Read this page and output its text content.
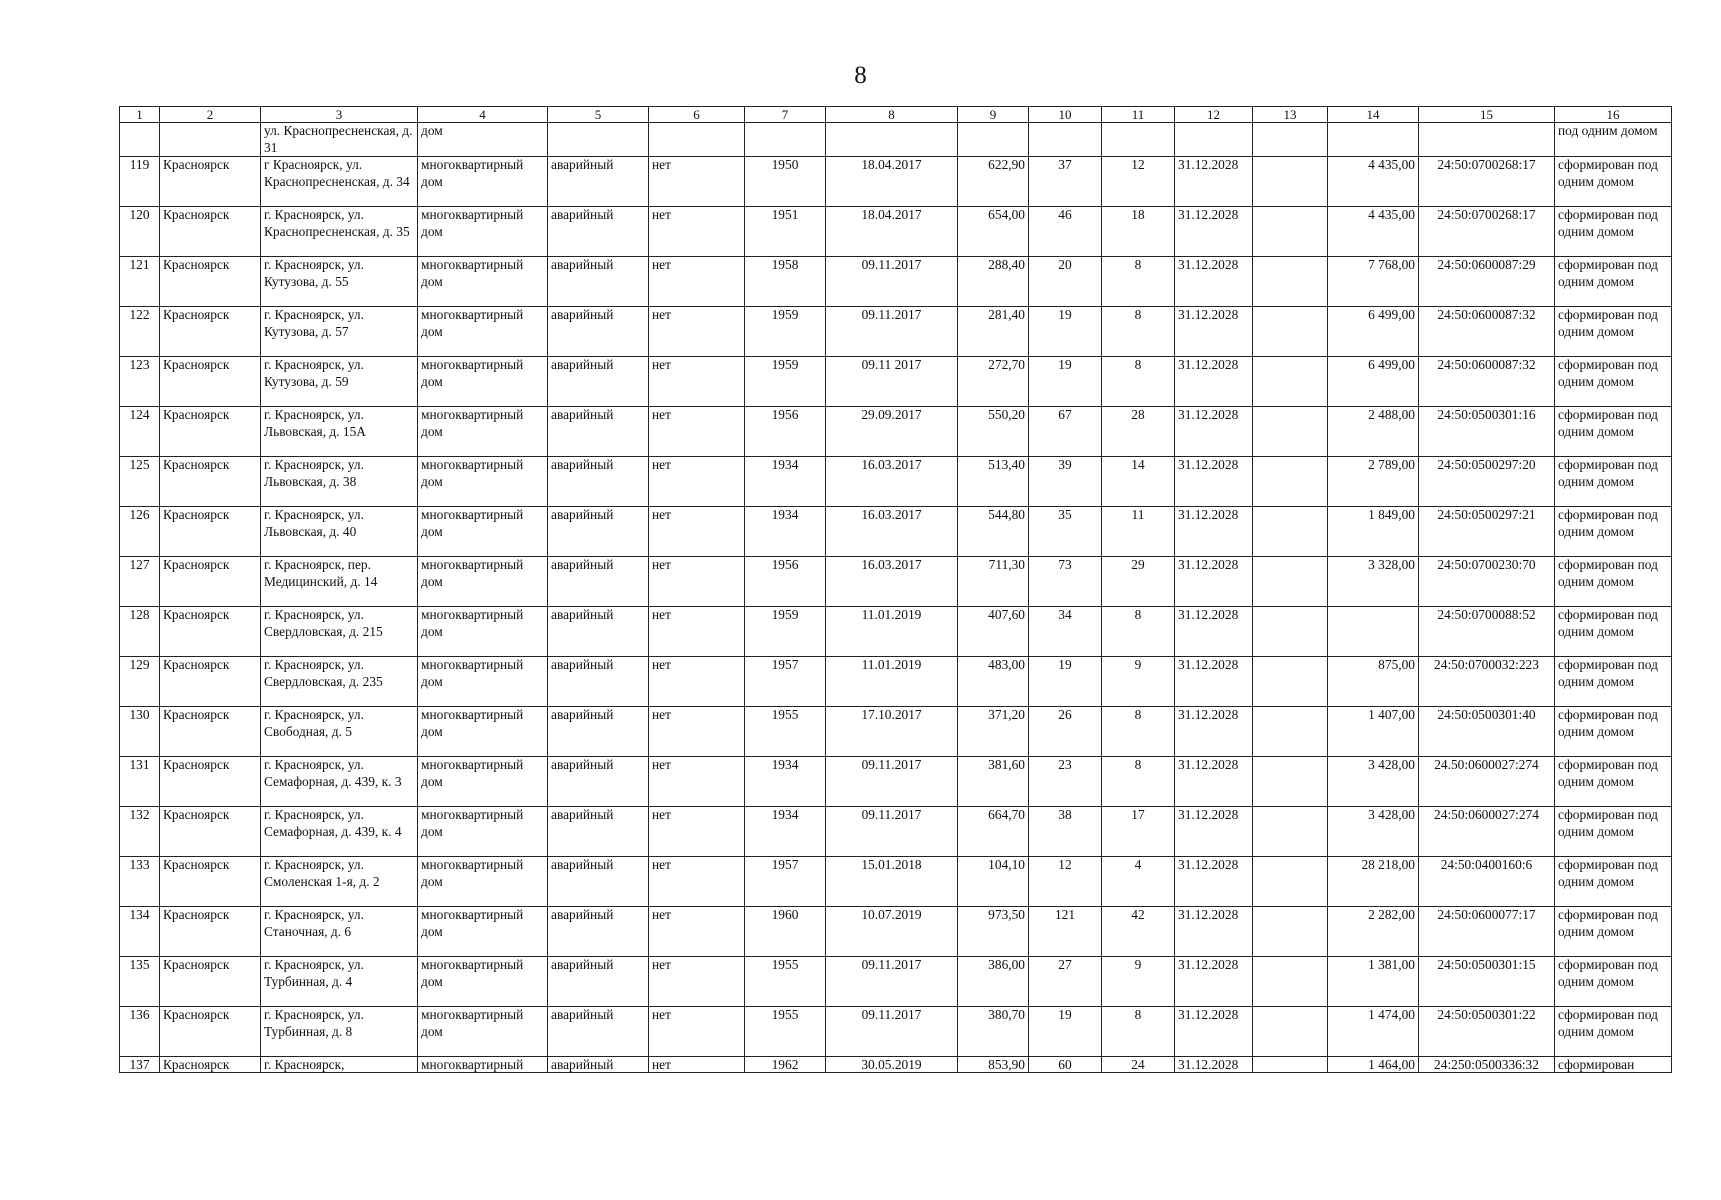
8
1	2	3	4	5	6	7	8	9	10	11	12	13	14	15	16
		ул. Краснопресненская, д. 31	дом												под одним домом
119	Красноярск	г Красноярск, ул. Краснопресненская, д. 34	многоквартирный дом	аварийный	нет	1950	18.04.2017	622,90	37	12	31.12.2028		4 435,00	24:50:0700268:17	сформирован под одним домом
120	Красноярск	г. Красноярск, ул. Краснопресненская, д. 35	многоквартирный дом	аварийный	нет	1951	18.04.2017	654,00	46	18	31.12.2028		4 435,00	24:50:0700268:17	сформирован под одним домом
121	Красноярск	г. Красноярск, ул. Кутузова, д. 55	многоквартирный дом	аварийный	нет	1958	09.11.2017	288,40	20	8	31.12.2028		7 768,00	24:50:0600087:29	сформирован под одним домом
122	Красноярск	г. Красноярск, ул. Кутузова, д. 57	многоквартирный дом	аварийный	нет	1959	09.11.2017	281,40	19	8	31.12.2028		6 499,00	24:50:0600087:32	сформирован под одним домом
123	Красноярск	г. Красноярск, ул. Кутузова, д. 59	многоквартирный дом	аварийный	нет	1959	09.11 2017	272,70	19	8	31.12.2028		6 499,00	24:50:0600087:32	сформирован под одним домом
124	Красноярск	г. Красноярск, ул. Львовская, д. 15А	многоквартирный дом	аварийный	нет	1956	29.09.2017	550,20	67	28	31.12.2028		2 488,00	24:50:0500301:16	сформирован под одним домом
125	Красноярск	г. Красноярск, ул. Львовская, д. 38	многоквартирный дом	аварийный	нет	1934	16.03.2017	513,40	39	14	31.12.2028		2 789,00	24:50:0500297:20	сформирован под одним домом
126	Красноярск	г. Красноярск, ул. Львовская, д. 40	многоквартирный дом	аварийный	нет	1934	16.03.2017	544,80	35	11	31.12.2028		1 849,00	24:50:0500297:21	сформирован под одним домом
127	Красноярск	г. Красноярск, пер. Медицинский, д. 14	многоквартирный дом	аварийный	нет	1956	16.03.2017	711,30	73	29	31.12.2028		3 328,00	24:50:0700230:70	сформирован под одним домом
128	Красноярск	г. Красноярск, ул. Свердловская, д. 215	многоквартирный дом	аварийный	нет	1959	11.01.2019	407,60	34	8	31.12.2028			24:50:0700088:52	сформирован под одним домом
129	Красноярск	г. Красноярск, ул. Свердловская, д. 235	многоквартирный дом	аварийный	нет	1957	11.01.2019	483,00	19	9	31.12.2028		875,00	24:50:0700032:223	сформирован под одним домом
130	Красноярск	г. Красноярск, ул. Свободная, д. 5	многоквартирный дом	аварийный	нет	1955	17.10.2017	371,20	26	8	31.12.2028		1 407,00	24:50:0500301:40	сформирован под одним домом
131	Красноярск	г. Красноярск, ул. Семафорная, д. 439, к. 3	многоквартирный дом	аварийный	нет	1934	09.11.2017	381,60	23	8	31.12.2028		3 428,00	24.50:0600027:274	сформирован под одним домом
132	Красноярск	г. Красноярск, ул. Семафорная, д. 439, к. 4	многоквартирный дом	аварийный	нет	1934	09.11.2017	664,70	38	17	31.12.2028		3 428,00	24:50:0600027:274	сформирован под одним домом
133	Красноярск	г. Красноярск, ул. Смоленская 1-я, д. 2	многоквартирный дом	аварийный	нет	1957	15.01.2018	104,10	12	4	31.12.2028		28 218,00	24:50:0400160:6	сформирован под одним домом
134	Красноярск	г. Красноярск, ул. Станочная, д. 6	многоквартирный дом	аварийный	нет	1960	10.07.2019	973,50	121	42	31.12.2028		2 282,00	24:50:0600077:17	сформирован под одним домом
135	Красноярск	г. Красноярск, ул. Турбинная, д. 4	многоквартирный дом	аварийный	нет	1955	09.11.2017	386,00	27	9	31.12.2028		1 381,00	24:50:0500301:15	сформирован под одним домом
136	Красноярск	г. Красноярск, ул. Турбинная, д. 8	многоквартирный дом	аварийный	нет	1955	09.11.2017	380,70	19	8	31.12.2028		1 474,00	24:50:0500301:22	сформирован под одним домом
137	Красноярск	г. Красноярск,	многоквартирный	аварийный	нет	1962	30.05.2019	853,90	60	24	31.12.2028		1 464,00	24:250:0500336:32	сформирован
